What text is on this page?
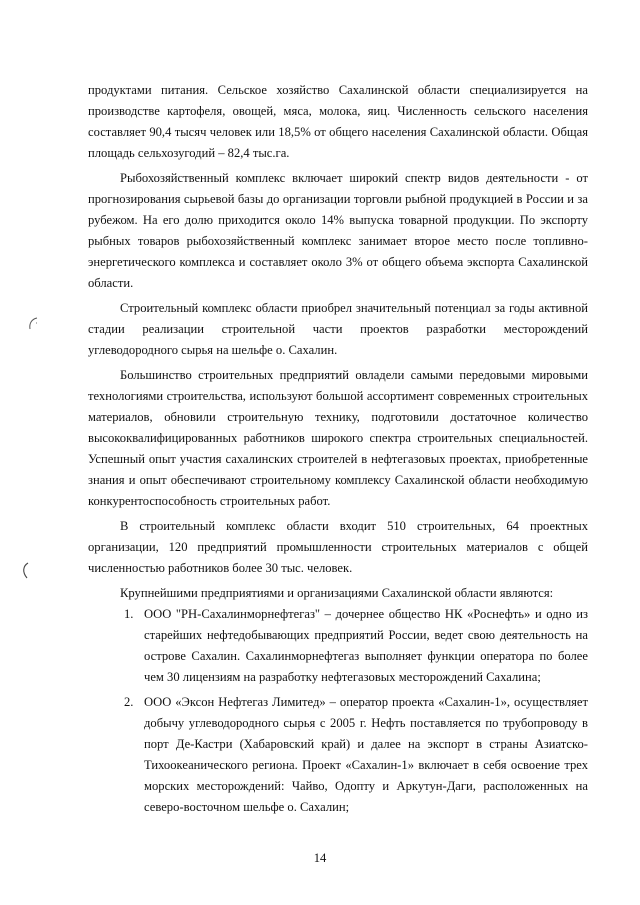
продуктами питания. Сельское хозяйство Сахалинской области специализируется на производстве картофеля, овощей, мяса, молока, яиц. Численность сельского населения составляет 90,4 тысяч человек или 18,5% от общего населения Сахалинской области. Общая площадь сельхозугодий – 82,4 тыс.га.

Рыбохозяйственный комплекс включает широкий спектр видов деятельности - от прогнозирования сырьевой базы до организации торговли рыбной продукцией в России и за рубежом. На его долю приходится около 14% выпуска товарной продукции. По экспорту рыбных товаров рыбохозяйственный комплекс занимает второе место после топливно-энергетического комплекса и составляет около 3% от общего объема экспорта Сахалинской области.

Строительный комплекс области приобрел значительный потенциал за годы активной стадии реализации строительной части проектов разработки месторождений углеводородного сырья на шельфе о. Сахалин.

Большинство строительных предприятий овладели самыми передовыми мировыми технологиями строительства, используют большой ассортимент современных строительных материалов, обновили строительную технику, подготовили достаточное количество высококвалифицированных работников широкого спектра строительных специальностей. Успешный опыт участия сахалинских строителей в нефтегазовых проектах, приобретенные знания и опыт обеспечивают строительному комплексу Сахалинской области необходимую конкурентоспособность строительных работ.

В строительный комплекс области входит 510 строительных, 64 проектных организации, 120 предприятий промышленности строительных материалов с общей численностью работников более 30 тыс. человек.

Крупнейшими предприятиями и организациями Сахалинской области являются:

1. ООО "РН-Сахалинморнефтегаз" – дочернее общество НК «Роснефть» и одно из старейших нефтедобывающих предприятий России, ведет свою деятельность на острове Сахалин. Сахалинморнефтегаз выполняет функции оператора по более чем 30 лицензиям на разработку нефтегазовых месторождений Сахалина;
2. ООО «Эксон Нефтегаз Лимитед» – оператор проекта «Сахалин-1», осуществляет добычу углеводородного сырья с 2005 г. Нефть поставляется по трубопроводу в порт Де-Кастри (Хабаровский край) и далее на экспорт в страны Азиатско-Тихоокеанического региона. Проект «Сахалин-1» включает в себя освоение трех морских месторождений: Чайво, Одопту и Аркутун-Даги, расположенных на северо-восточном шельфе о. Сахалин;
14
